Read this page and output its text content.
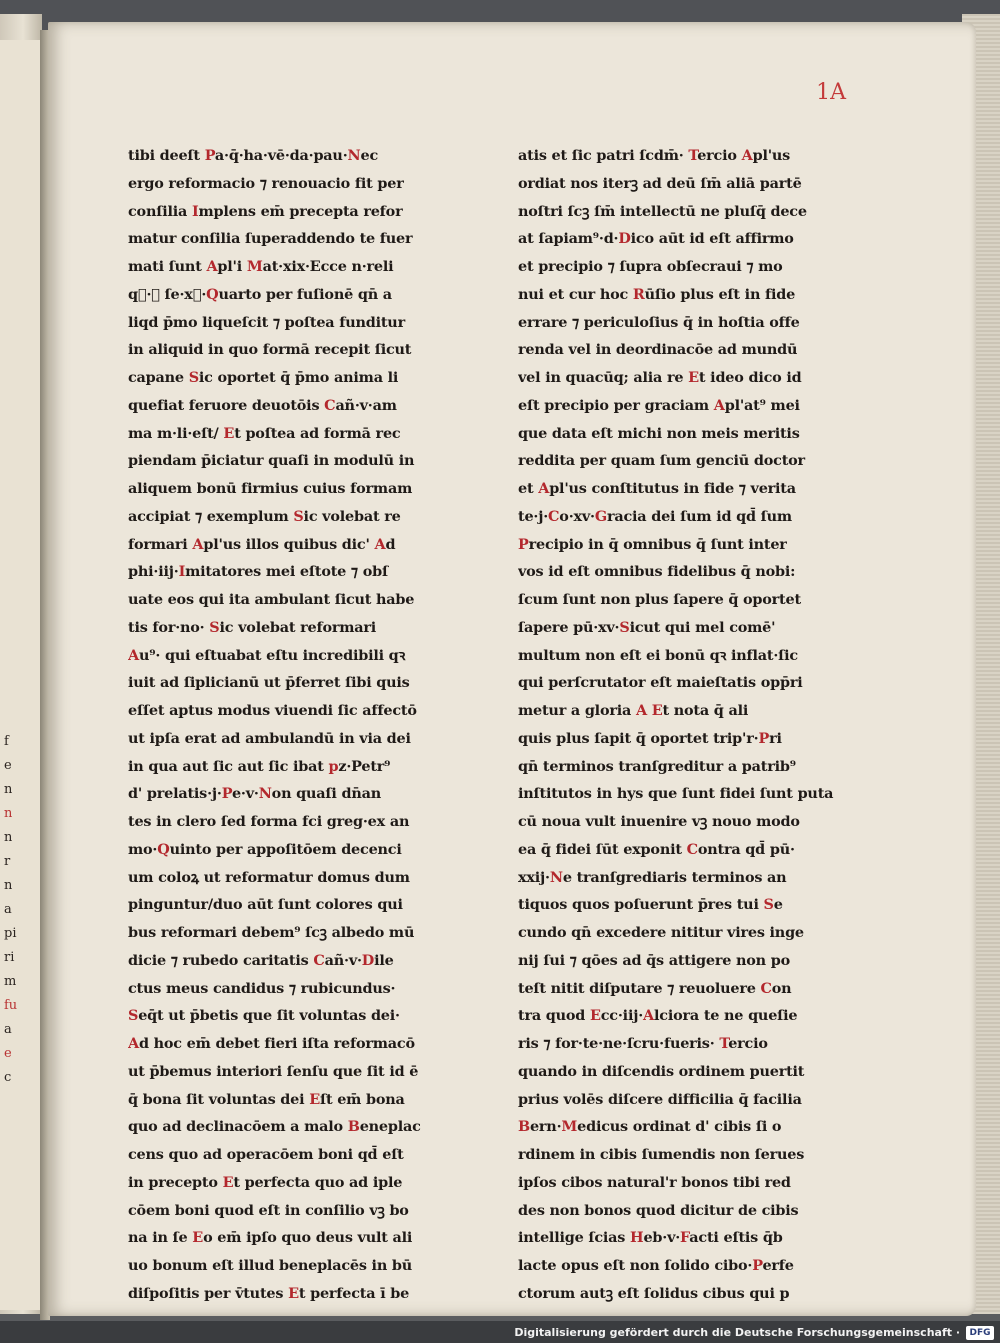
f
e
n
n
n
r
n
a
pi
ri
m
fu
a
e
c
1A
tibi deeſt Pa·q̄·ha·vē·da·pau·Nec
ergo reformacio ⁊ renouacio fit per
conſilia Implens em̄ precepta refor
matur conſilia ſuperaddendo te fuer
mati ſunt Apl'i Mat·xix·Ecce n·reli
qᷓ·⁊ ſe·xᷓ·Quarto per fuſionē qn̄ a
liqd p̄mo liqueſcit ⁊ poſtea funditur
in aliquid in quo formā recepit ſicut
capane Sic oportet q̄ p̄mo anima li
quefiat feruore deuotōis Cañ·v·am
ma m·li·eſt/ Et poſtea ad formā rec
piendam p̄iciatur quaſi in modulū in
aliquem bonū firmius cuius formam
accipiat ⁊ exemplum Sic volebat re
formari Apl'us illos quibus dic' Ad
phi·iij·Imitatores mei eſtote ⁊ obſ
uate eos qui ita ambulant ſicut habe
tis for·no· Sic volebat reformari
Au⁹· qui eſtuabat eſtu incredibili qꝛ
iuit ad ſiplicianū ut p̄ferret ſibi quis
eſſet aptus modus viuendi ſic affectō
ut ipſa erat ad ambulandū in via dei
in qua aut ſic aut ſic ibat pz·Petr⁹
d' prelatis·j·Pe·v·Non quaſi dn̄an
tes in clero ſed forma fci greg·ex an
mo·Quinto per appoſitōem decenci
um coloꝝ ut reformatur domus dum
pinguntur/duo aūt ſunt colores qui
bus reformari debem⁹ ſcꝫ albedo mū
dicie ⁊ rubedo caritatis Cañ·v·Dile
ctus meus candidus ⁊ rubicundus·
Seq̄t ut p̄betis que ſit voluntas dei·
Ad hoc em̄ debet fieri iſta reformacō
ut p̄bemus interiori ſenſu que ſit id ē
q̄ bona ſit voluntas dei Eſt em̄ bona
quo ad declinacōem a malo Beneplac
cens quo ad operacōem boni qd̄ eſt
in precepto Et perfecta quo ad iple
cōem boni quod eſt in conſilio vꝫ bo
na in ſe Eo em̄ ipſo quo deus vult ali
uo bonum eſt illud beneplacēs in bū
diſpoſitis per v̄tutes Et perfecta ī be
atis et ſic patri ſcdm̄· Tercio Apl'us
ordiat nos iterꝫ ad deū ſm̄ aliā partē
noſtri ſcꝫ ſm̄ intellectū ne pluſq̄ dece
at ſapiam⁹·d·Dico aūt id eſt affirmo
et precipio ⁊ ſupra obſecraui ⁊ mo
nui et cur hoc Rūſio plus eſt in fide
errare ⁊ periculoſius q̄ in hoſtia offe
renda vel in deordinacōe ad mundū
vel in quacūq; alia re Et ideo dico id
eſt precipio per graciam Apl'at⁹ mei
que data eſt michi non meis meritis
reddita per quam ſum genciū doctor
et Apl'us conſtitutus in fide ⁊ verita
te·j·Co·xv·Gracia dei ſum id qd̄ ſum
Precipio in q̄ omnibus q̄ ſunt inter
vos id eſt omnibus fidelibus q̄ nobi:
ſcum ſunt non plus ſapere q̄ oportet
ſapere pū·xv·Sicut qui mel comē'
multum non eſt ei bonū qꝛ inflat·ſic
qui perſcrutator eſt maieſtatis opp̄ri
metur a gloria A Et nota q̄ ali
quis plus ſapit q̄ oportet trip'r·Pri
qn̄ terminos tranſgreditur a patrib⁹
inſtitutos in hys que ſunt fidei ſunt puta
cū noua vult inuenire vꝫ nouo modo
ea q̄ fidei ſūt exponit Contra qd̄ pū·
xxij·Ne tranſgrediaris terminos an
tiquos quos poſuerunt p̄res tui Se
cundo qn̄ excedere nititur vires inge
nij ſui ⁊ qōes ad q̄s attigere non po
teſt nitit diſputare ⁊ reuoluere Con
tra quod Ecc·iij·Alciora te ne queſie
ris ⁊ for·te·ne·ſcru·fueris· Tercio
quando in diſcendis ordinem puertit
prius volēs diſcere difficilia q̄ facilia
Bern·Medicus ordinat d' cibis ſi o
rdinem in cibis ſumendis non ſerues
ipſos cibos natural'r bonos tibi red
des non bonos quod dicitur de cibis
intellige ſcias Heb·v·Facti eſtis q̄b
lacte opus eſt non ſolido cibo·Perfe
ctorum autꝫ eſt ſolidus cibus qui p
Digitalisierung gefördert durch die Deutsche Forschungsgemeinschaft ·	DFG
